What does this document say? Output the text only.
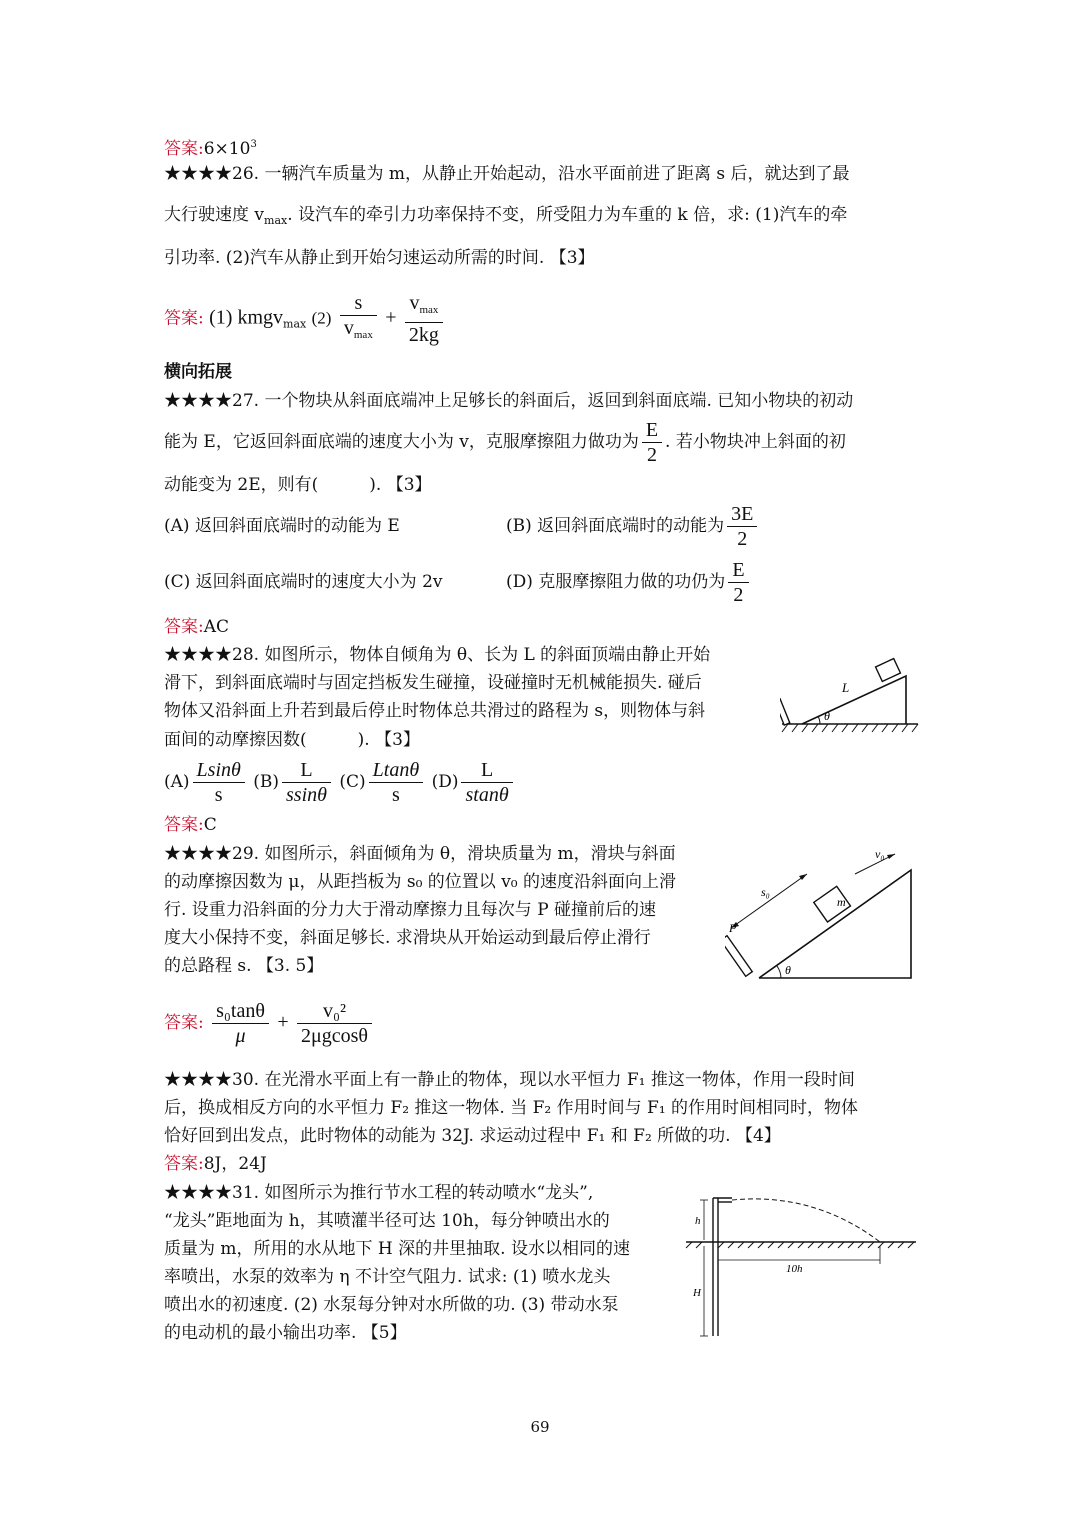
答案$:6\times 10^3$
★★★★26. 一辆汽车质量为 m，从静止开始起动，沿水平面前进了距离 s 后，就达到了最
大行驶速度 $v_{max}$. 设汽车的牵引力功率保持不变，所受阻力为车重的 k 倍，求: (1)汽车的牵
引功率. (2)汽车从静止到开始匀速运动所需的时间. 【3】
答案: (1) kmgv$_{max}$ $(2) \frac{s}{v_{max}} + \frac{v_{max}}{2kg}$
横向拓展
★★★★27. 一个物块从斜面底端冲上足够长的斜面后，返回到斜面底端. 已知小物块的初动
能为 E，它返回斜面底端的速度大小为 v，克服摩擦阻力做功为 $\frac{E}{2}$ . 若小物块冲上斜面的初
动能变为 2E，则有(　　　). 【3】
(A) 返回斜面底端时的动能为 E	(B) 返回斜面底端时的动能为 $\frac{3E}{2}$
(C) 返回斜面底端时的速度大小为 2v	(D) 克服摩擦阻力做的功仍为 $\frac{E}{2}$
答案:AC
★★★★28. 如图所示，物体自倾角为 θ、长为 L 的斜面顶端由静止开始
滑下，到斜面底端时与固定挡板发生碰撞，设碰撞时无机械能损失. 碰后
物体又沿斜面上升若到最后停止时物体总共滑过的路程为 s，则物体与斜
面间的动摩擦因数(　　　). 【3】
$(A) \frac{Lsin\theta}{s} (B) \frac{L}{ssin\theta} (C) \frac{Ltan\theta}{s} (D) \frac{L}{stan\theta}$
答案:C
θ
L
★★★★29. 如图所示，斜面倾角为 θ，滑块质量为 m，滑块与斜面
的动摩擦因数为 μ，从距挡板为 s₀ 的位置以 v₀ 的速度沿斜面向上滑
行. 设重力沿斜面的分力大于滑动摩擦力且每次与 P 碰撞前后的速
度大小保持不变，斜面足够长. 求滑块从开始运动到最后停止滑行
的总路程 s. 【3. 5】
答案: $\frac{\text{s₀tanθ}}{\mu} + \frac{\text{v₀²}}{2\mu gcos\theta}$
m
s₀
v₀
P
θ
★★★★30. 在光滑水平面上有一静止的物体，现以水平恒力 F₁ 推这一物体，作用一段时间
后，换成相反方向的水平恒力 F₂ 推这一物体. 当 F₂ 作用时间与 F₁ 的作用时间相同时，物体
恰好回到出发点，此时物体的动能为 32J. 求运动过程中 F₁ 和 F₂ 所做的功. 【4】
答案:8J，24J
★★★★31. 如图所示为推行节水工程的转动喷水“龙头”,
“龙头”距地面为 h，其喷灌半径可达 10h，每分钟喷出水的
质量为 m，所用的水从地下 H 深的井里抽取. 设水以相同的速
率喷出，水泵的效率为 η 不计空气阻力. 试求: (1) 喷水龙头
喷出水的初速度. (2) 水泵每分钟对水所做的功. (3) 带动水泵
的电动机的最小输出功率. 【5】
h
H
10h
69
